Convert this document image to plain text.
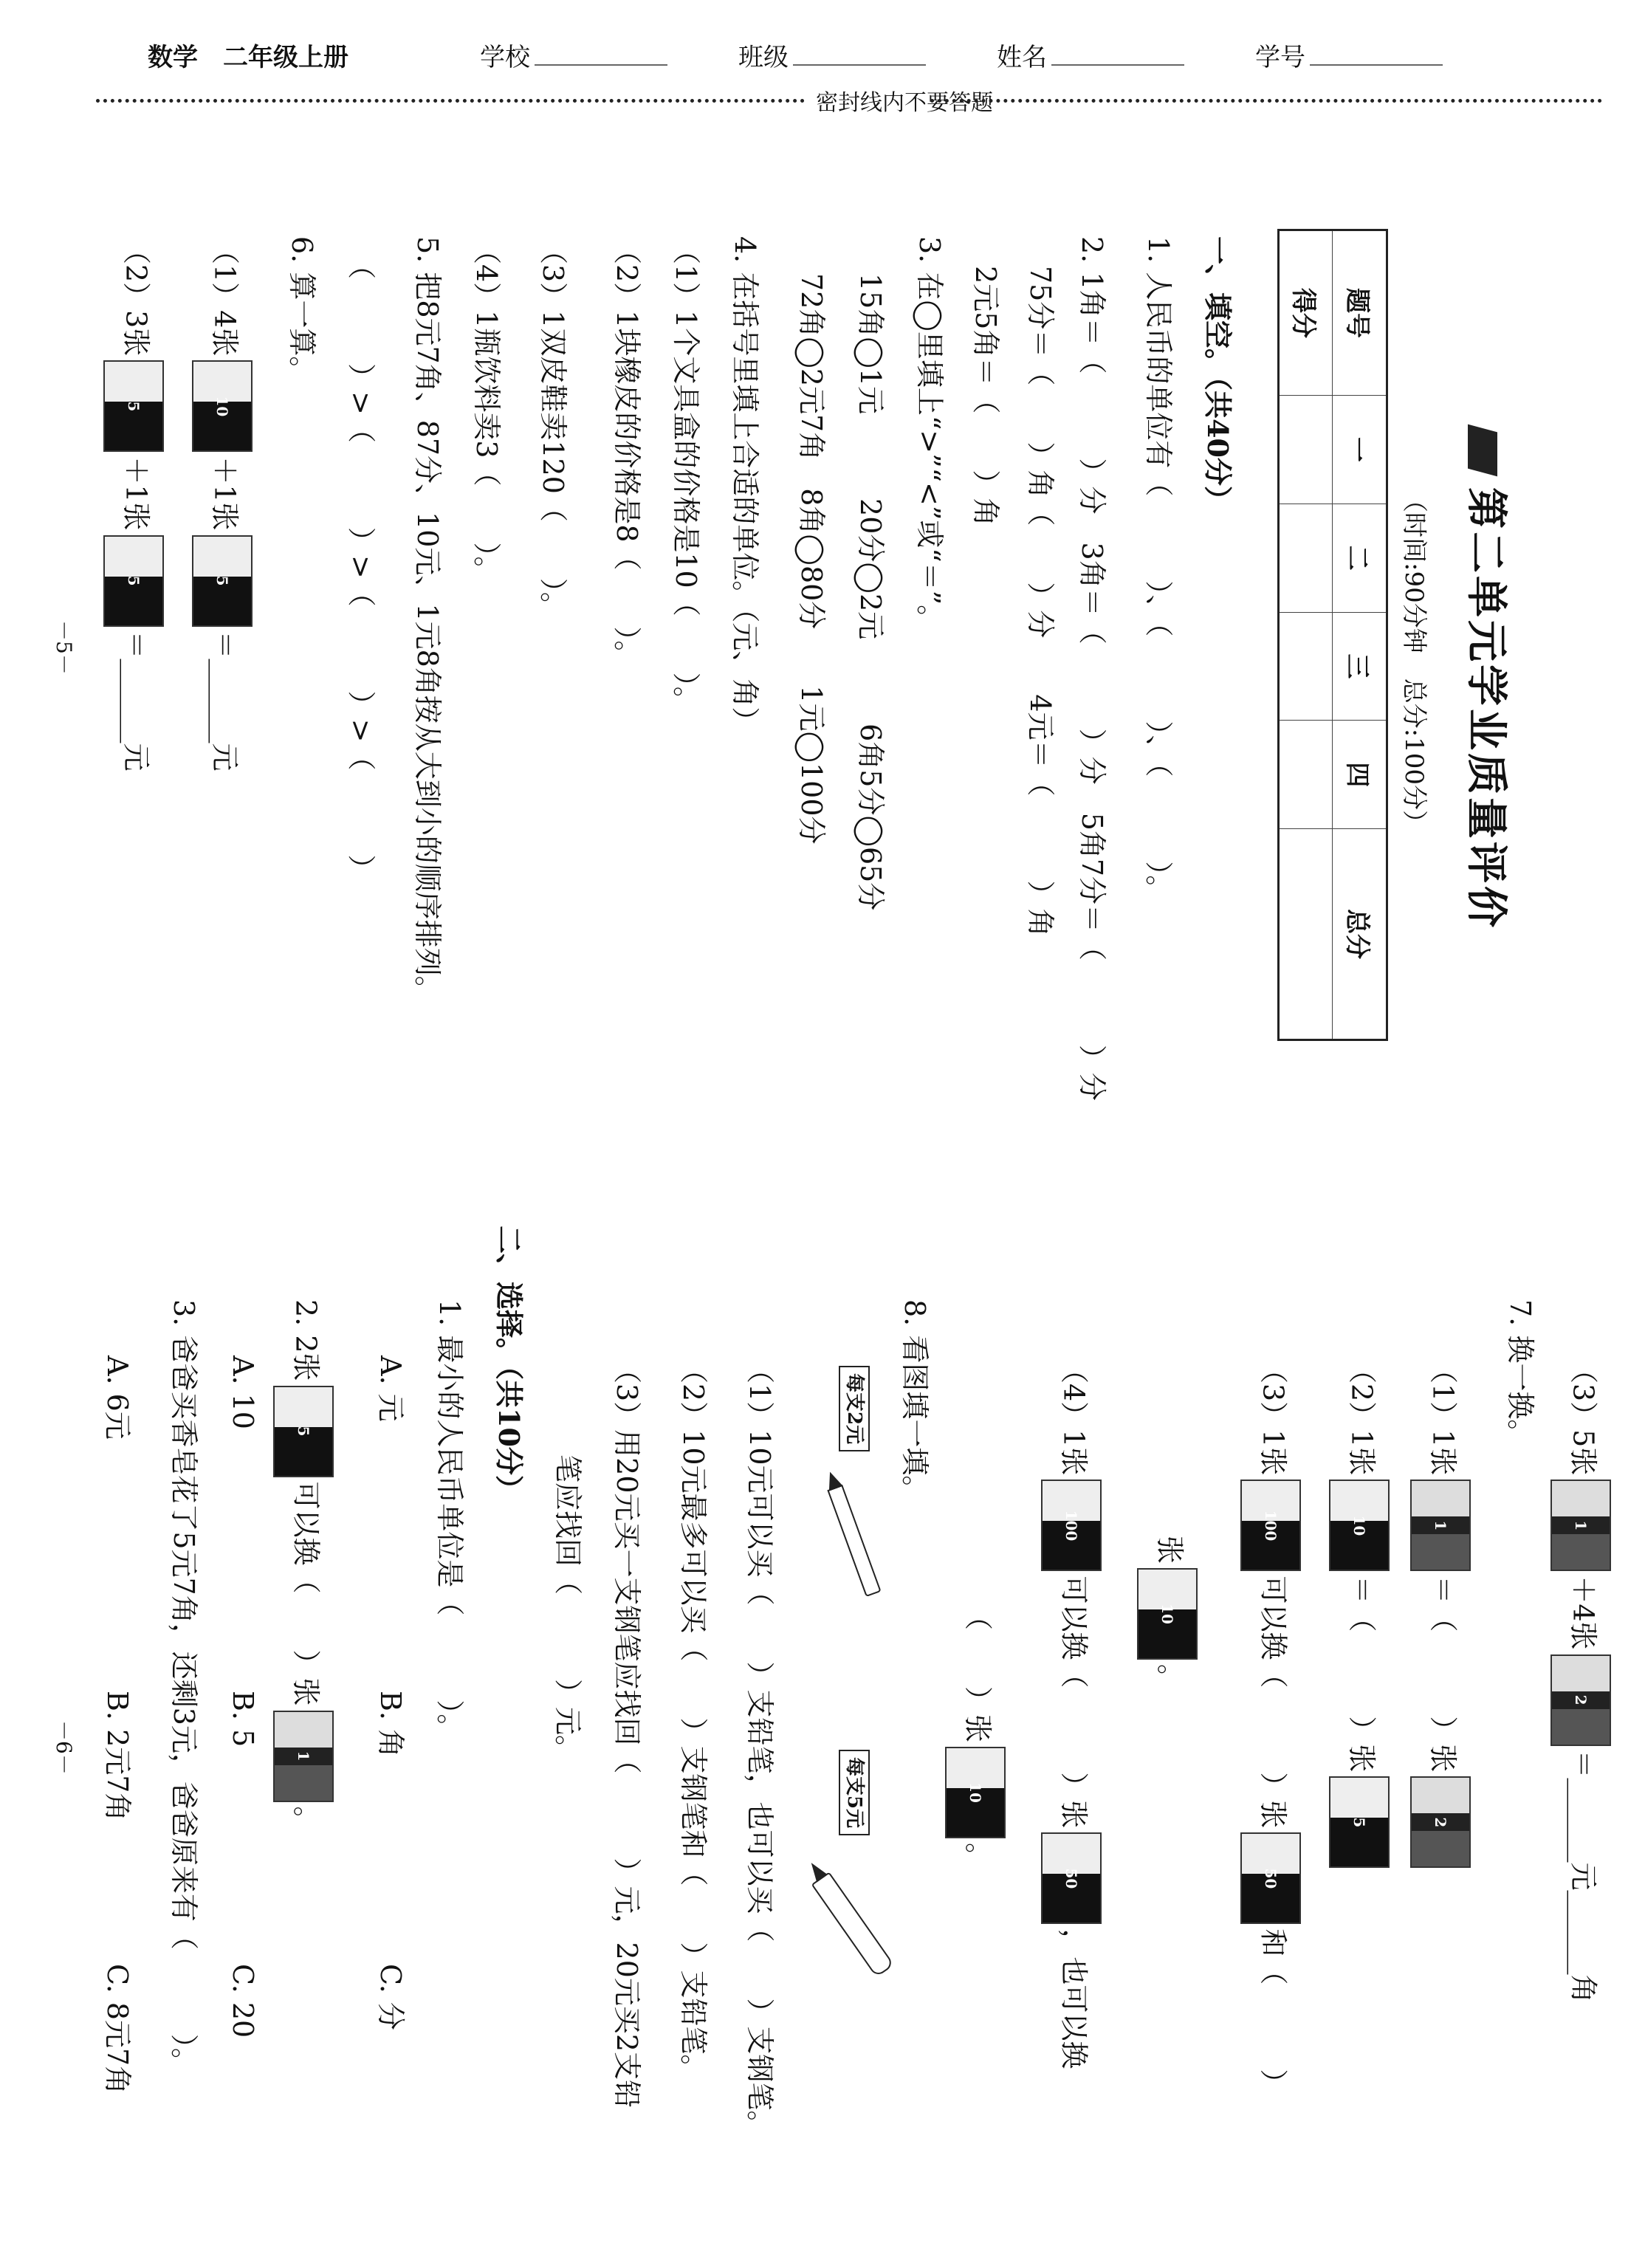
数学　二年级上册	学校	班级	姓名	学号
密封线内不要答题
第二单元学业质量评价
（时间:90分钟　总分:100分）
题号	一	二	三	四	总分
得分					
－5－
－6－
每支2元
每支5元
一、填空。（共40分）
1. 人民币的单位有（　　　）、（　　　）、（　　　）。
2. 1角＝（　　　）分　3角＝（　　　）分　5角7分＝（　　　）分
75分＝（　　）角（　　）分　　4元＝（　　　）角
2元5角＝（　　）角
3. 在◯里填上“>”“<”或“＝”。
15角◯1元　　　20分◯2元　　　6角5分◯65分
72角◯2元7角　8角◯80分　　1元◯100分
4. 在括号里填上合适的单位。（元、角）
（1）1个文具盒的价格是10（　　）。
（2）1块橡皮的价格是8（　　）。
（3）1双皮鞋卖120（　　）。
（4）1瓶饮料卖3（　　）。
5. 把8元7角、87分、10元、1元8角按从大到小的顺序排列。
（　　　）>（　　　）>（　　　）>（　　　）
6. 算一算。
（1）4张10＋1张5＝______元
（2）3张5＋1张5＝______元
（3）5张1＋4张2＝______元______角
7. 换一换。
（1）1张1＝（　　　）张2
（2）1张10＝（　　　）张5
（3）1张100可以换（　　　）张50和（　　　）
张10。
（4）1张100可以换（　　　）张50，也可以换
（　　）张10。
8. 看图填一填。
（1）10元可以买（　　）支铅笔，也可以买（　　）支钢笔。
（2）10元最多可以买（　　）支钢笔和（　　）支铅笔。
（3）用20元买一支钢笔应找回（　　　）元，20元买2支铅
笔应找回（　　　）元。
二、选择。（共10分）
1. 最小的人民币单位是（　　　）。
A. 元
B. 角
C. 分
2. 2张5可以换（　　）张1。
A. 10
B. 5
C. 20
3. 爸爸买香皂花了5元7角，还剩3元，爸爸原来有（　　　）。
A. 6元
B. 2元7角
C. 8元7角
